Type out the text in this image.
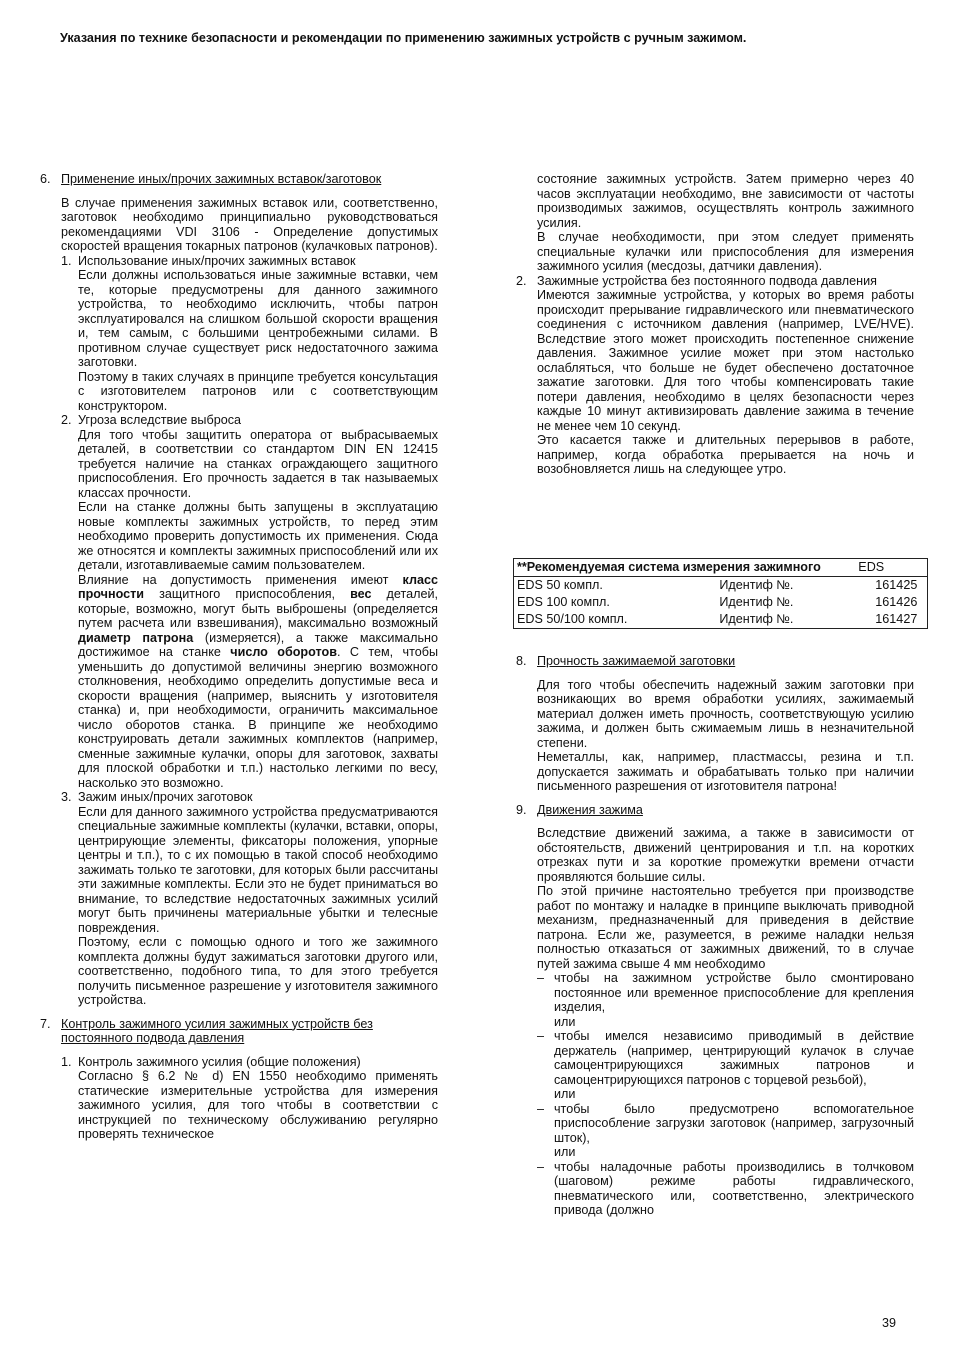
Указания по технике безопасности и рекомендации по применению зажимных устройств с ручным зажимом.
6. Применение иных/прочих зажимных вставок/заготовок

В случае применения зажимных вставок или, соответственно, заготовок необходимо принципиально руководствоваться рекомендациями VDI 3106 - Определение допустимых скоростей вращения токарных патронов (кулачковых патронов).

1. Использование иных/прочих зажимных вставок

Если должны использоваться иные зажимные вставки, чем те, которые предусмотрены для данного зажимного устройства, то необходимо исключить, чтобы патрон эксплуатировался на слишком большой скорости вращения и, тем самым, с большими центробежными силами. В противном случае существует риск недостаточного зажима заготовки.

Поэтому в таких случаях в принципе требуется консультация с изготовителем патронов или с соответствующим конструктором.

2. Угроза вследствие выброса

Для того чтобы защитить оператора от выбрасываемых деталей, в соответствии со стандартом DIN EN 12415 требуется наличие на станках ограждающего защитного приспособления. Его прочность задается в так называемых классах прочности.

Если на станке должны быть запущены в эксплуатацию новые комплекты зажимных устройств, то перед этим необходимо проверить допустимость их применения. Сюда же относятся и комплекты зажимных приспособлений или их детали, изготавливаемые самим пользователем.

Влияние на допустимость применения имеют класс прочности защитного приспособления, вес деталей, которые, возможно, могут быть выброшены (определяется путем расчета или взвешивания), максимально возможный диаметр патрона (измеряется), а также максимально достижимое на станке число оборотов. С тем, чтобы уменьшить до допустимой величины энергию возможного столкновения, необходимо определить допустимые веса и скорости вращения (например, выяснить у изготовителя станка) и, при необходимости, ограничить максимальное число оборотов станка. В принципе же необходимо конструировать детали зажимных комплектов (например, сменные зажимные кулачки, опоры для заготовок, захваты для плоской обработки и т.п.) настолько легкими по весу, насколько это возможно.

3. Зажим иных/прочих заготовок

Если для данного зажимного устройства предусматриваются специальные зажимные комплекты (кулачки, вставки, опоры, центрирующие элементы, фиксаторы положения, упорные центры и т.п.), то с их помощью в такой способ необходимо зажимать только те заготовки, для которых были рассчитаны эти зажимные комплекты. Если это не будет приниматься во внимание, то вследствие недостаточных зажимных усилий могут быть причинены материальные убытки и телесные повреждения.

Поэтому, если с помощью одного и того же зажимного комплекта должны будут зажиматься заготовки другого или, соответственно, подобного типа, то для этого требуется получить письменное разрешение у изготовителя зажимного устройства.

7. Контроль зажимного усилия зажимных устройств без постоянного подвода давления
1. Контроль зажимного усилия (общие положения)

Согласно § 6.2 № d) EN 1550 необходимо применять статические измерительные устройства для измерения зажимного усилия, для того чтобы в соответствии с инструкцией по техническому обслуживанию регулярно проверять техническое

состояние зажимных устройств. Затем примерно через 40 часов эксплуатации необходимо, вне зависимости от частоты производимых зажимов, осуществлять контроль зажимного усилия.

В случае необходимости, при этом следует применять специальные кулачки или приспособления для измерения зажимного усилия (месдозы, датчики давления).

2. Зажимные устройства без постоянного подвода давления

Имеются зажимные устройства, у которых во время работы происходит прерывание гидравлического или пневматического соединения с источником давления (например, LVE/HVE). Вследствие этого может происходить постепенное снижение давления. Зажимное усилие может при этом настолько ослабляться, что больше не будет обеспечено достаточное зажатие заготовки. Для того чтобы компенсировать такие потери давления, необходимо в целях безопасности через каждые 10 минут активизировать давление зажима в течение не менее чем 10 секунд.

Это касается также и длительных перерывов в работе, например, когда обработка прерывается на ночь и возобновляется лишь на следующее утро.

**Рекомендуемая система измерения зажимного		EDS
EDS 50 компл.	Идентиф №.	161425
EDS 100 компл.	Идентиф №.	161426
EDS 50/100 компл.	Идентиф №.	161427
8. Прочность зажимаемой заготовки

Для того чтобы обеспечить надежный зажим заготовки при возникающих во время обработки усилиях, зажимаемый материал должен иметь прочность, соответствующую усилию зажима, и должен быть сжимаемым лишь в незначительной степени.

Неметаллы, как, например, пластмассы, резина и т.п. допускается зажимать и обрабатывать только при наличии письменного разрешения от изготовителя патрона!

9. Движения зажима

Вследствие движений зажима, а также в зависимости от обстоятельств, движений центрирования и т.п. на коротких отрезках пути и за короткие промежутки времени отчасти проявляются большие силы.

По этой причине настоятельно требуется при производстве работ по монтажу и наладке в принципе выключать приводной механизм, предназначенный для приведения в действие патрона. Если же, разумеется, в режиме наладки нельзя полностью отказаться от зажимных движений, то в случае путей зажима свыше 4 мм необходимо

– чтобы на зажимном устройстве было смонтировано постоянное или временное приспособление для крепления изделия,

или
– чтобы имелся независимо приводимый в действие держатель (например, центрирующий кулачок в случае самоцентрирующихся зажимных патронов и самоцентрирующихся патронов с торцевой резьбой),

или
– чтобы было предусмотрено вспомогательное приспособление загрузки заготовок (например, загрузочный шток),

или
– чтобы наладочные работы производились в толчковом (шаговом) режиме работы гидравлического, пневматического или, соответственно, электрического привода (должно

39
